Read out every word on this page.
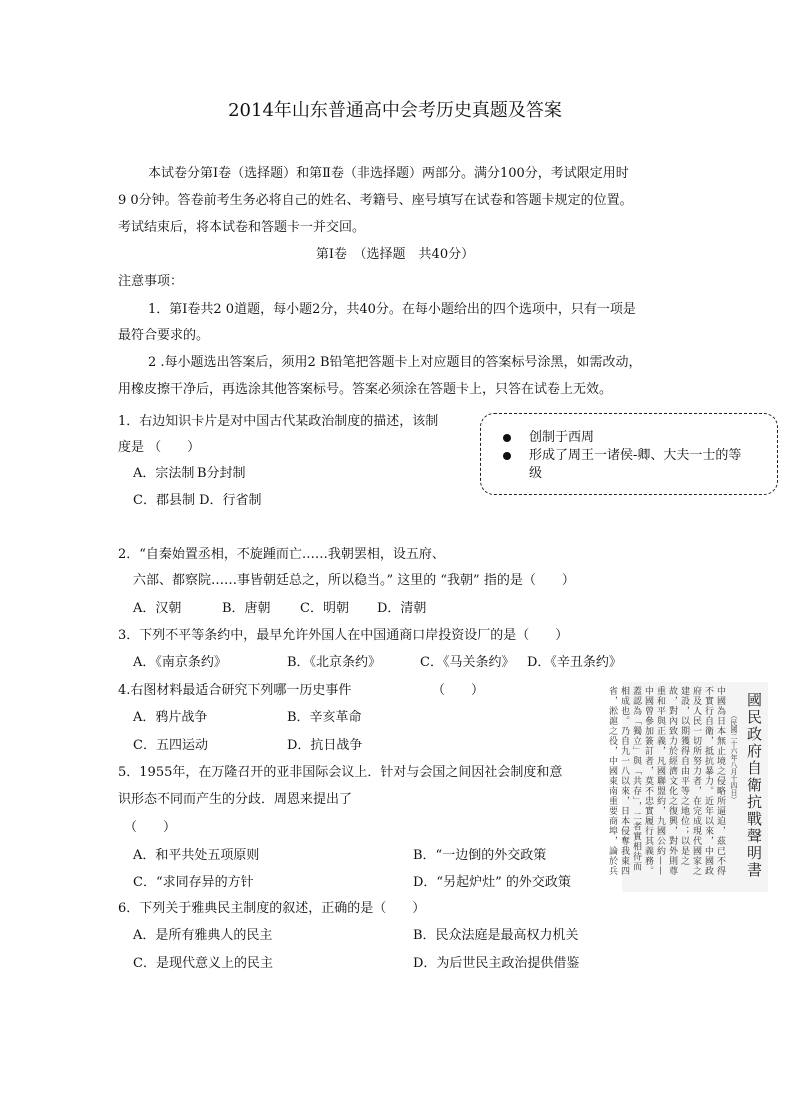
2014年山东普通高中会考历史真题及答案
本试卷分第I卷（选择题）和第Ⅱ卷（非选择题）两部分。满分100分，考试限定用时
9 0分钟。答卷前考生务必将自己的姓名、考籍号、座号填写在试卷和答题卡规定的位置。
考试结束后，将本试卷和答题卡一并交回。
第I卷　（选择题　共40分）
注意事项：
1．第I卷共2 0道题，每小题2分，共40分。在每小题给出的四个选项中，只有一项是
最符合要求的。
2 .每小题选出答案后，须用2 B铅笔把答题卡上对应题目的答案标号涂黑，如需改动，
用橡皮擦干净后，再选涂其他答案标号。答案必须涂在答题卡上，只答在试卷上无效。
1．右边知识卡片是对中国古代某政治制度的描述，该制
度是 （　　）
A．宗法制 B分封制
C．郡县制 D．行省制
创制于西周
形成了周王一诸侯-卿、大夫一士的等
级
2．“自秦始置丞相，不旋踵而亡……我朝罢相，设五府、
六部、都察院……事皆朝廷总之，所以稳当。” 这里的 “我朝” 指的是（　　）
A．汉朝	B．唐朝 C．明朝 D．清朝
3．下列不平等条约中，最早允许外国人在中国通商口岸投资设厂的是（　　）
A．《南京条约》	B．《北京条约》	C．《马关条约》 D．《辛丑条约》
4.右图材料最适合研究下列哪一历史事件	（　　）
A．鸦片战争	B．辛亥革命
C．五四运动	D．抗日战争	國民政府自衛抗戰聲明書
（民國二十六年八月十四日）
中國為日本無止境之侵略所逼迫，茲已不得不實行自衛，抵抗暴力。近年以來，中國政府及人民一切所努力者，在完成現代國家之建設，以期獲得自由平等之地位；以是之故，對內致力於經濟文化之復興，對外則尊重和平與正義，凡國聯盟約，九國公約——中國曾參加簽訂者，莫不忠實履行其義務。蓋認為「獨立」與「共存」，二者實相待而相成也。乃自九一八以來，日本侵奪我東四省，淞滬之役，中國東南重要商埠，論於兵
5．1955年，在万隆召开的亚非国际会议上．针对与会国之间因社会制度和意
识形态不同而产生的分歧．周恩来提出了
（　　）
A．和平共处五项原则	B．“一边倒的外交政策
C．“求同存异的方针	D．“另起炉灶” 的外交政策
6．下列关于雅典民主制度的叙述，正确的是（　　）
A．是所有雅典人的民主	B．民众法庭是最高权力机关
C．是现代意义上的民主	D．为后世民主政治提供借鉴
